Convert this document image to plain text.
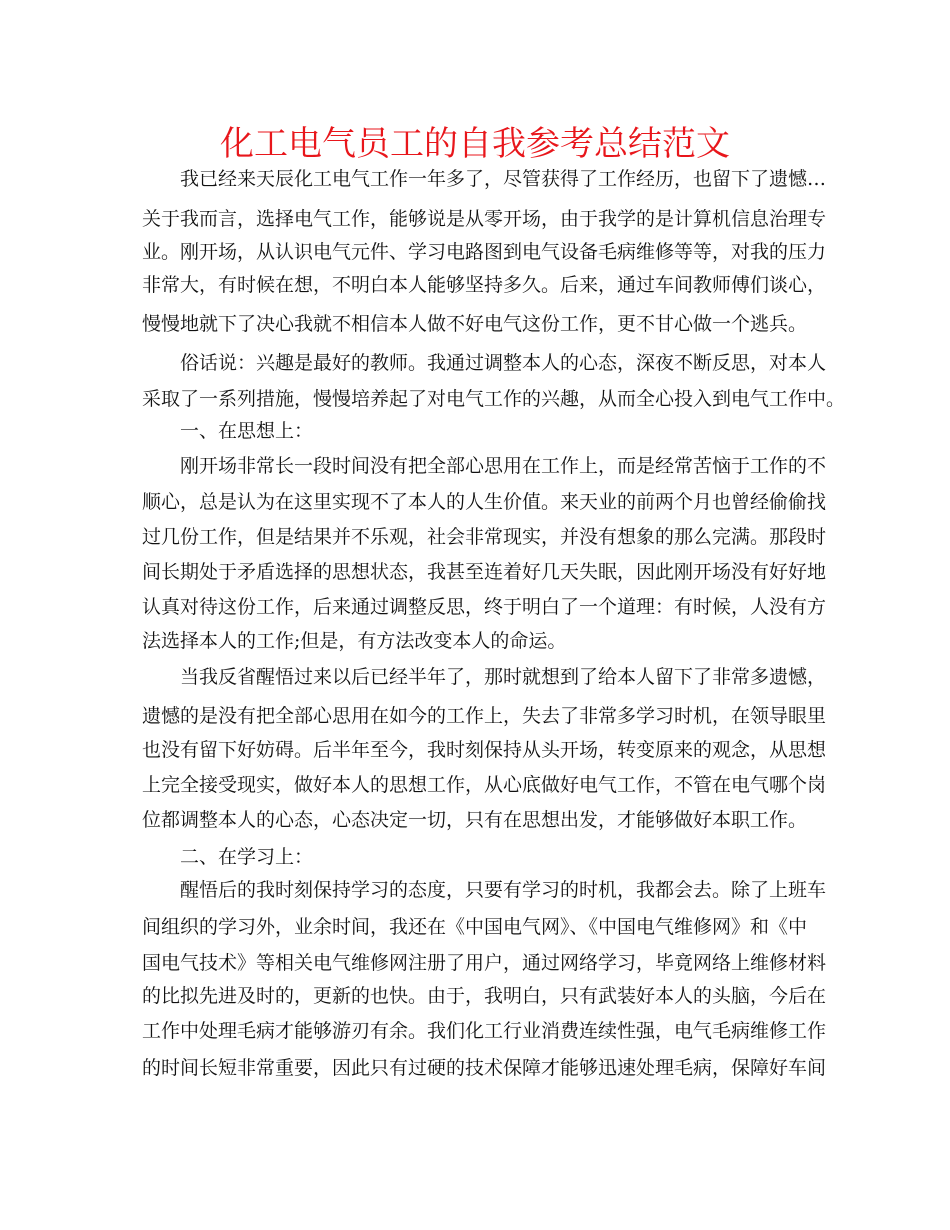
化工电气员工的自我参考总结范文
我已经来天辰化工电气工作一年多了，尽管获得了工作经历，也留下了遗憾…
关于我而言，选择电气工作，能够说是从零开场，由于我学的是计算机信息治理专
业。刚开场，从认识电气元件、学习电路图到电气设备毛病维修等等，对我的压力
非常大，有时候在想，不明白本人能够坚持多久。后来，通过车间教师傅们谈心，
慢慢地就下了决心我就不相信本人做不好电气这份工作，更不甘心做一个逃兵。
俗话说：兴趣是最好的教师。我通过调整本人的心态，深夜不断反思，对本人
采取了一系列措施，慢慢培养起了对电气工作的兴趣，从而全心投入到电气工作中。
一、在思想上：
刚开场非常长一段时间没有把全部心思用在工作上，而是经常苦恼于工作的不
顺心，总是认为在这里实现不了本人的人生价值。来天业的前两个月也曾经偷偷找
过几份工作，但是结果并不乐观，社会非常现实，并没有想象的那么完满。那段时
间长期处于矛盾选择的思想状态，我甚至连着好几天失眠，因此刚开场没有好好地
认真对待这份工作，后来通过调整反思，终于明白了一个道理：有时候，人没有方
法选择本人的工作;但是，有方法改变本人的命运。
当我反省醒悟过来以后已经半年了，那时就想到了给本人留下了非常多遗憾，
遗憾的是没有把全部心思用在如今的工作上，失去了非常多学习时机，在领导眼里
也没有留下好妨碍。后半年至今，我时刻保持从头开场，转变原来的观念，从思想
上完全接受现实，做好本人的思想工作，从心底做好电气工作，不管在电气哪个岗
位都调整本人的心态，心态决定一切，只有在思想出发，才能够做好本职工作。
二、在学习上：
醒悟后的我时刻保持学习的态度，只要有学习的时机，我都会去。除了上班车
间组织的学习外，业余时间，我还在《中国电气网》、《中国电气维修网》和《中
国电气技术》等相关电气维修网注册了用户，通过网络学习，毕竟网络上维修材料
的比拟先进及时的，更新的也快。由于，我明白，只有武装好本人的头脑，今后在
工作中处理毛病才能够游刃有余。我们化工行业消费连续性强，电气毛病维修工作
的时间长短非常重要，因此只有过硬的技术保障才能够迅速处理毛病，保障好车间
